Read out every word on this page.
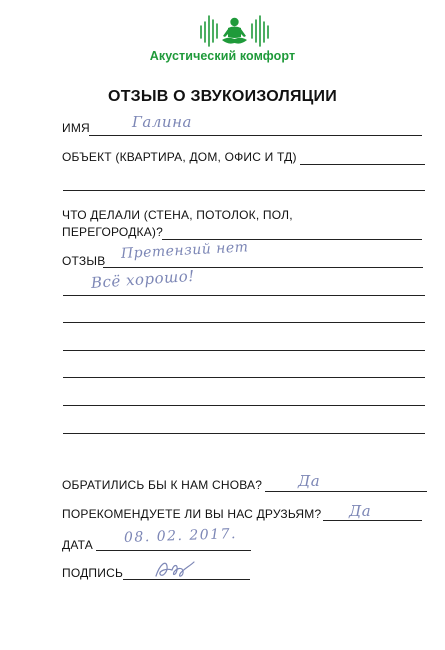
Акустический комфорт
ОТЗЫВ О ЗВУКОИЗОЛЯЦИИ
ИМЯ	Галина
ОБЪЕКТ (КВАРТИРА, ДОМ, ОФИС И ТД)
ЧТО ДЕЛАЛИ (СТЕНА, ПОТОЛОК, ПОЛ,
ПЕРЕГОРОДКА)?
ОТЗЫВ Претензий нет
Всё хорошо!
ОБРАТИЛИСЬ БЫ К НАМ СНОВА? Да
ПОРЕКОМЕНДУЕТЕ ЛИ ВЫ НАС ДРУЗЬЯМ? Да
ДАТА 08. 02. 2017.
ПОДПИСЬ
